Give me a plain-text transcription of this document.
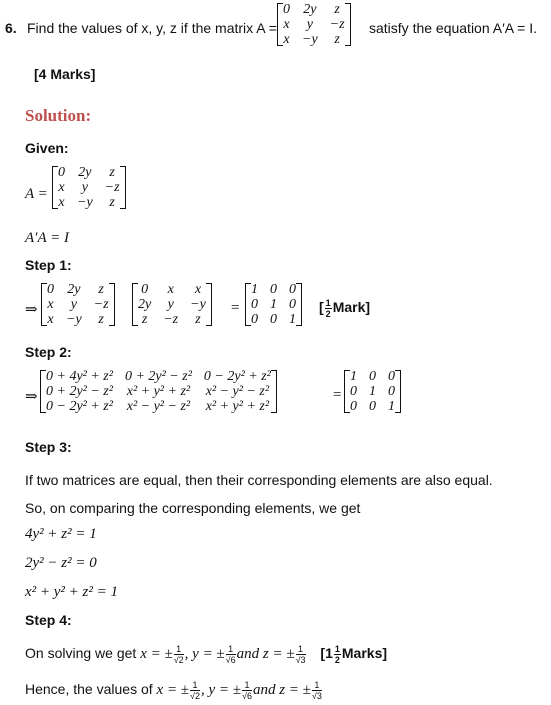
6. Find the values of x, y, z if the matrix A =
0	2y	z
x	y	−z
x	−y	z
satisfy the equation A′A = I.
[4 Marks]
Solution:
Given:
A =
0	2y	z
x	y	−z
x	−y	z
A′A = I
Step 1:
⇒
0	2y	z
x	y	−z
x	−y	z
0	x	x
2y	y	−y
z	−z	z
=
1	0	0
0	1	0
0	0	1
[ $\frac{1}{2}$ Mark]
Step 2:
⇒
0 + 4y² + z²	0 + 2y² − z²	0 − 2y² + z²
0 + 2y² − z²	x² + y² + z²	x² − y² − z²
0 − 2y² + z²	x² − y² − z²	x² + y² + z²
=
1	0	0
0	1	0
0	0	1
Step 3:
If two matrices are equal, then their corresponding elements are also equal.
So, on comparing the corresponding elements, we get
4y² + z² = 1
2y² − z² = 0
x² + y² + z² = 1
Step 4:
On solving we get x = ± $\frac{1}{√2}$ , y = ± $\frac{1}{√6}$ and z = ± $\frac{1}{√3} [1 \frac{1}{2}$ Marks]
Hence, the values of x = ± $\frac{1}{√2}$ , y = ± $\frac{1}{√6}$ and z = ± $\frac{1}{√3}$
